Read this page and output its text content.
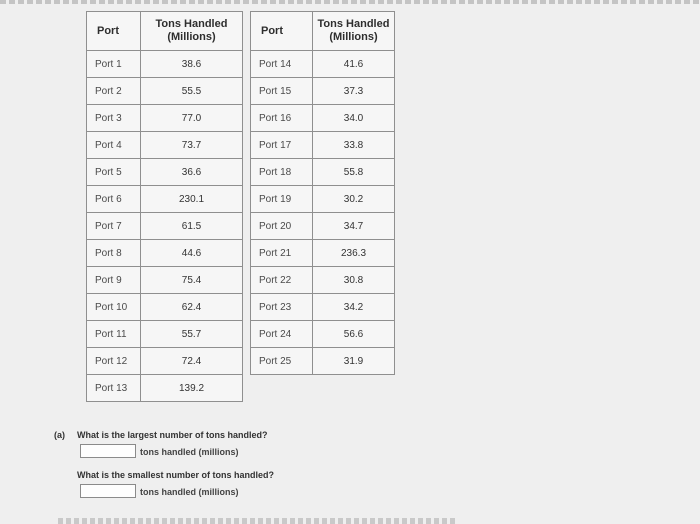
Port	Tons Handled
(Millions)
Port 1	38.6
Port 2	55.5
Port 3	77.0
Port 4	73.7
Port 5	36.6
Port 6	230.1
Port 7	61.5
Port 8	44.6
Port 9	75.4
Port 10	62.4
Port 11	55.7
Port 12	72.4
Port 13	139.2
Port	Tons Handled
(Millions)
Port 14	41.6
Port 15	37.3
Port 16	34.0
Port 17	33.8
Port 18	55.8
Port 19	30.2
Port 20	34.7
Port 21	236.3
Port 22	30.8
Port 23	34.2
Port 24	56.6
Port 25	31.9
(a) What is the largest number of tons handled?
tons handled (millions)
What is the smallest number of tons handled?
tons handled (millions)
